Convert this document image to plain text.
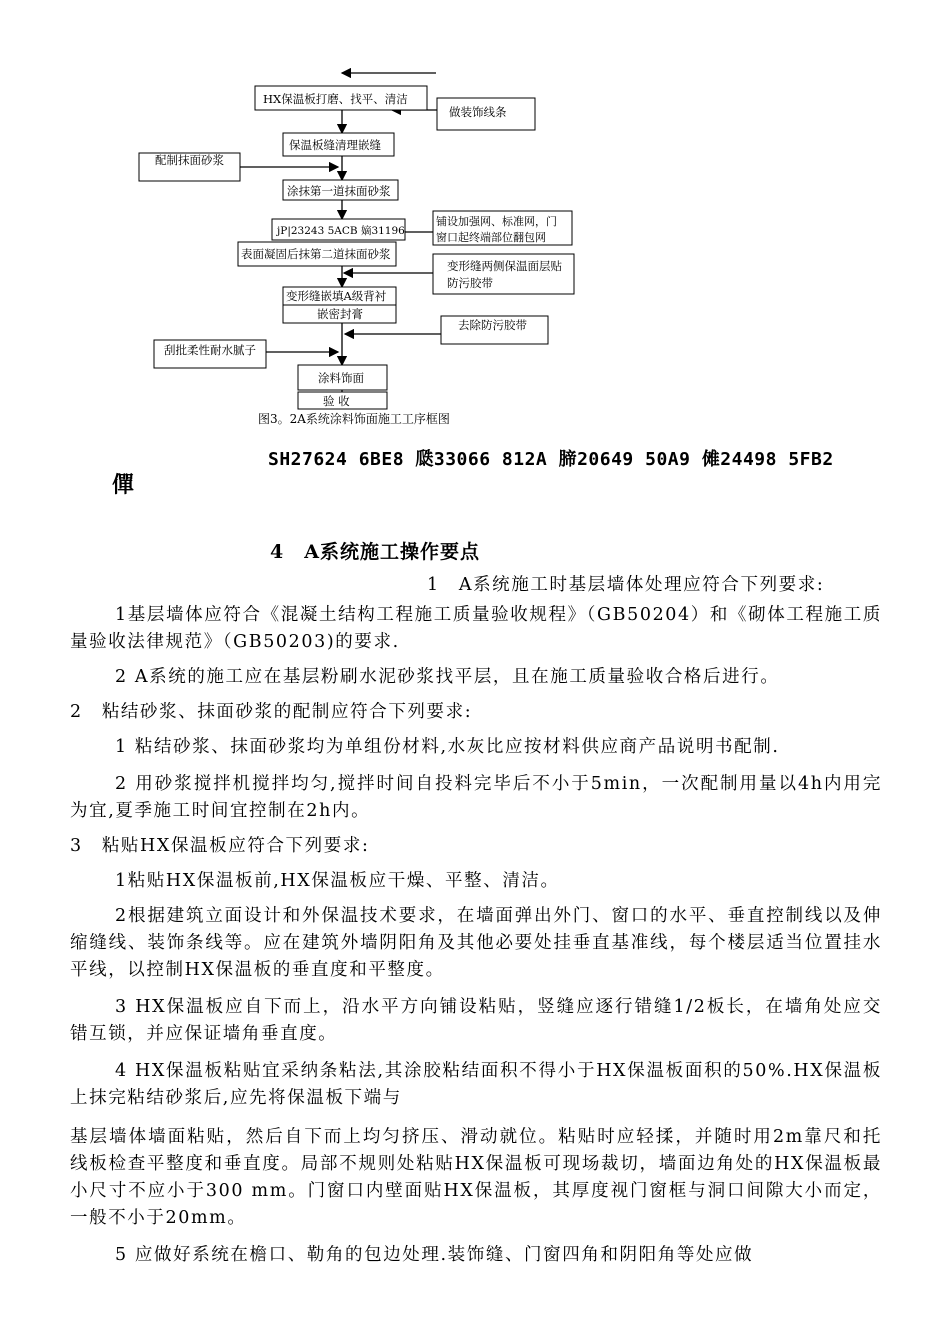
HX保温板打磨、找平、清洁
保温板缝清理嵌缝
涂抹第一道抹面砂浆
jP|23243 5ACB 嫡31196
表面凝固后抹第二道抹面砂浆
变形缝嵌填A级背衬
嵌密封膏
涂料饰面
验 收
做装饰线条
配制抹面砂浆
铺设加强网、标准网，门
窗口起终端部位翻包网
变形缝两侧保温面层贴
防污胶带
去除防污胶带
刮批柔性耐水腻子
图3。2A系统涂料饰面施工工序框图
SH27624 6BE8 瓞33066 812A 腣20649 50A9 傩24498 5FB2
僤
4　A系统施工操作要点

1　A系统施工时基层墙体处理应符合下列要求:

1基层墙体应符合《混凝土结构工程施工质量验收规程》（GB50204）和《砌体工程施工质量验收法律规范》（GB50203)的要求.

2 A系统的施工应在基层粉刷水泥砂浆找平层，且在施工质量验收合格后进行。

2　粘结砂浆、抹面砂浆的配制应符合下列要求:

1 粘结砂浆、抹面砂浆均为单组份材料,水灰比应按材料供应商产品说明书配制.

2 用砂浆搅拌机搅拌均匀,搅拌时间自投料完毕后不小于5min，一次配制用量以4h内用完为宜,夏季施工时间宜控制在2h内。

3　粘贴HX保温板应符合下列要求:

1粘贴HX保温板前,HX保温板应干燥、平整、清洁。

2根据建筑立面设计和外保温技术要求，在墙面弹出外门、窗口的水平、垂直控制线以及伸缩缝线、装饰条线等。应在建筑外墙阴阳角及其他必要处挂垂直基准线，每个楼层适当位置挂水平线，以控制HX保温板的垂直度和平整度。

3 HX保温板应自下而上，沿水平方向铺设粘贴，竖缝应逐行错缝1/2板长，在墙角处应交错互锁，并应保证墙角垂直度。

4 HX保温板粘贴宜采纳条粘法,其涂胶粘结面积不得小于HX保温板面积的50%.HX保温板上抹完粘结砂浆后,应先将保温板下端与

基层墙体墙面粘贴，然后自下而上均匀挤压、滑动就位。粘贴时应轻揉，并随时用2m靠尺和托线板检查平整度和垂直度。局部不规则处粘贴HX保温板可现场裁切，墙面边角处的HX保温板最小尺寸不应小于300 mm。门窗口内壁面贴HX保温板，其厚度视门窗框与洞口间隙大小而定，一般不小于20mm。

5 应做好系统在檐口、勒角的包边处理.装饰缝、门窗四角和阴阳角等处应做
